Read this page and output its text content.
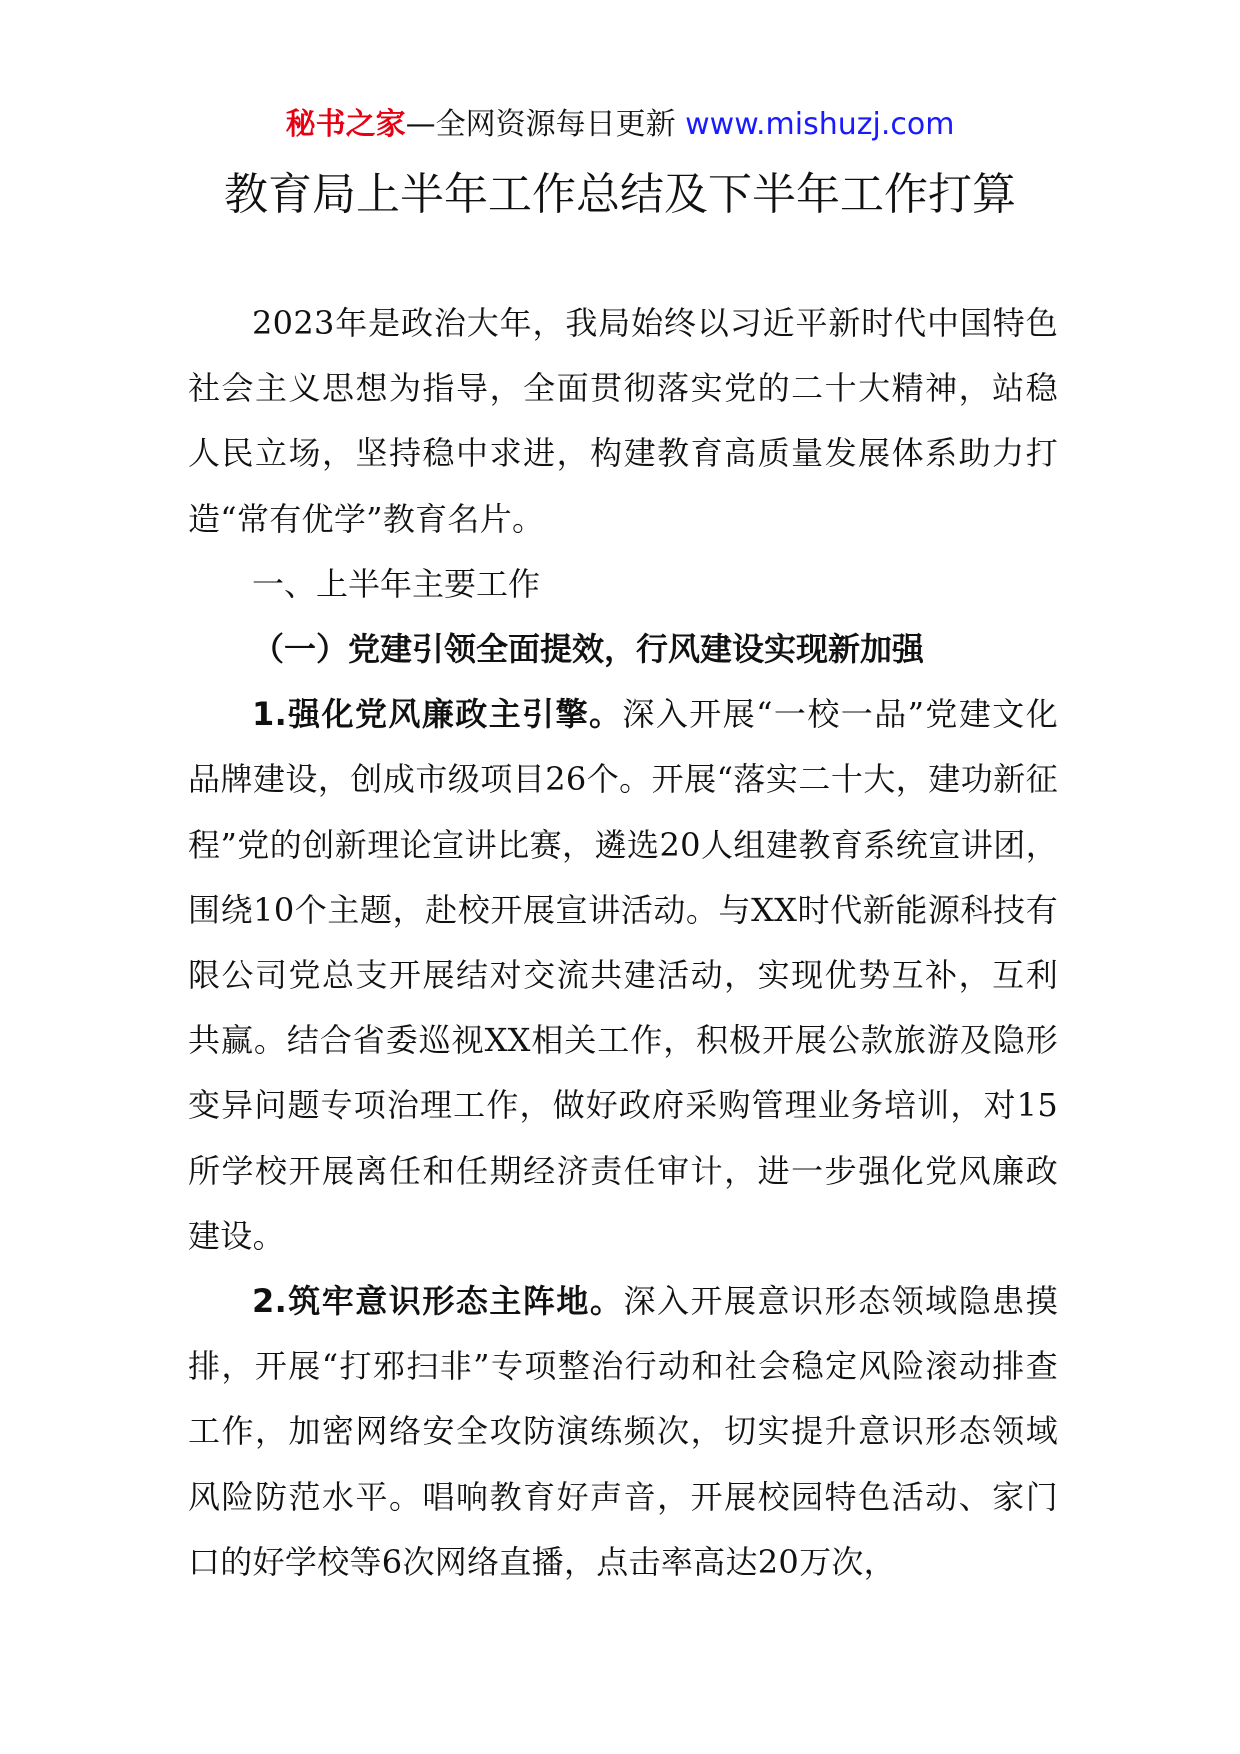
秘书之家—全网资源每日更新 www.mishuzj.com
教育局上半年工作总结及下半年工作打算

2023年是政治大年，我局始终以习近平新时代中国特色社会主义思想为指导，全面贯彻落实党的二十大精神，站稳人民立场，坚持稳中求进，构建教育高质量发展体系助力打造“常有优学”教育名片。

一、上半年主要工作

（一）党建引领全面提效，行风建设实现新加强

1.强化党风廉政主引擎。深入开展“一校一品”党建文化品牌建设，创成市级项目26个。开展“落实二十大，建功新征程”党的创新理论宣讲比赛，遴选20人组建教育系统宣讲团，围绕10个主题，赴校开展宣讲活动。与XX时代新能源科技有限公司党总支开展结对交流共建活动，实现优势互补，互利共赢。结合省委巡视XX相关工作，积极开展公款旅游及隐形变异问题专项治理工作，做好政府采购管理业务培训，对15所学校开展离任和任期经济责任审计，进一步强化党风廉政建设。

2.筑牢意识形态主阵地。深入开展意识形态领域隐患摸排，开展“打邪扫非”专项整治行动和社会稳定风险滚动排查工作，加密网络安全攻防演练频次，切实提升意识形态领域风险防范水平。唱响教育好声音，开展校园特色活动、家门口的好学校等6次网络直播，点击率高达20万次，
